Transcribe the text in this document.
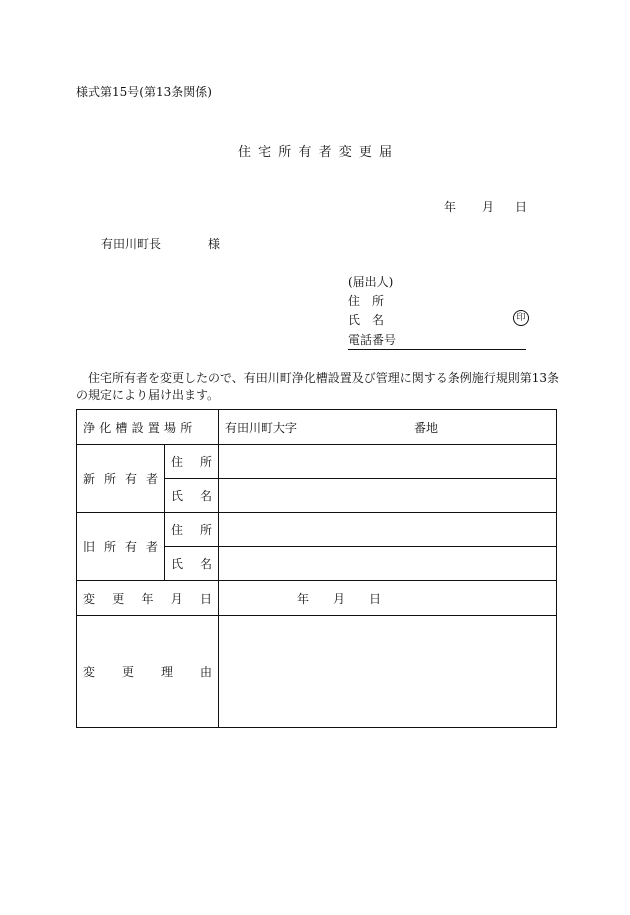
様式第15号(第13条関係)
住宅所有者変更届
年 月 日
有田川町長	様
(届出人)
住　所
氏　名	印
電話番号
住宅所有者を変更したので、有田川町浄化槽設置及び管理に関する条例施行規則第13条の規定により届け出ます。
浄化槽設置場所		有田川町大字 番地
新所有者	住所	
	氏名	
旧所有者	住所	
	氏名	
変更年月日		年 月 日
変更理由		
